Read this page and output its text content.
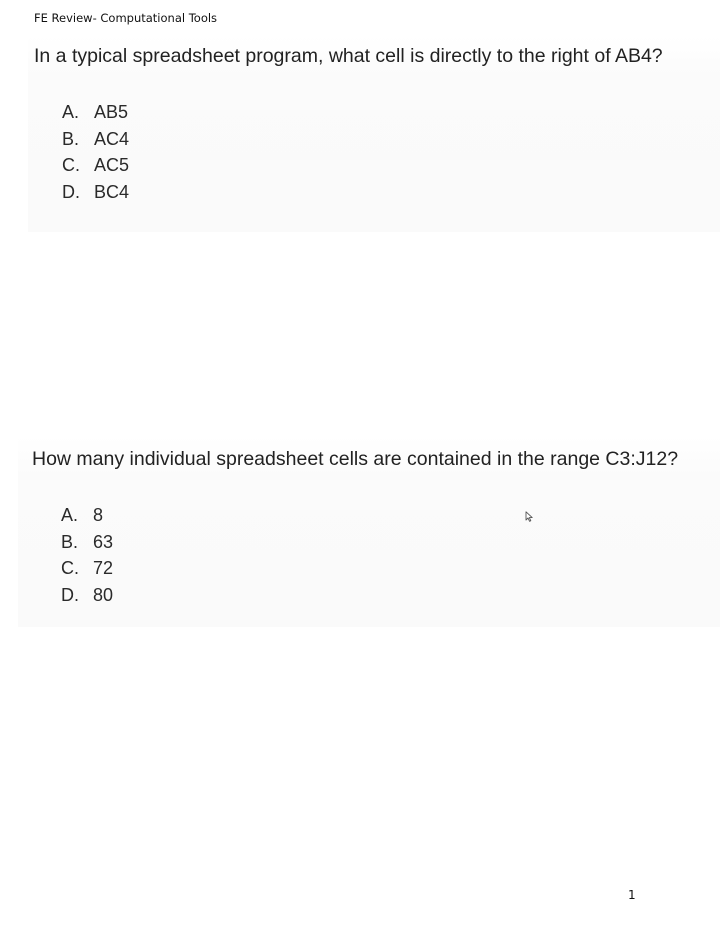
FE Review- Computational Tools
In a typical spreadsheet program, what cell is directly to the right of AB4?
A. AB5
B. AC4
C. AC5
D. BC4
How many individual spreadsheet cells are contained in the range C3:J12?
A. 8
B. 63
C. 72
D. 80
1
